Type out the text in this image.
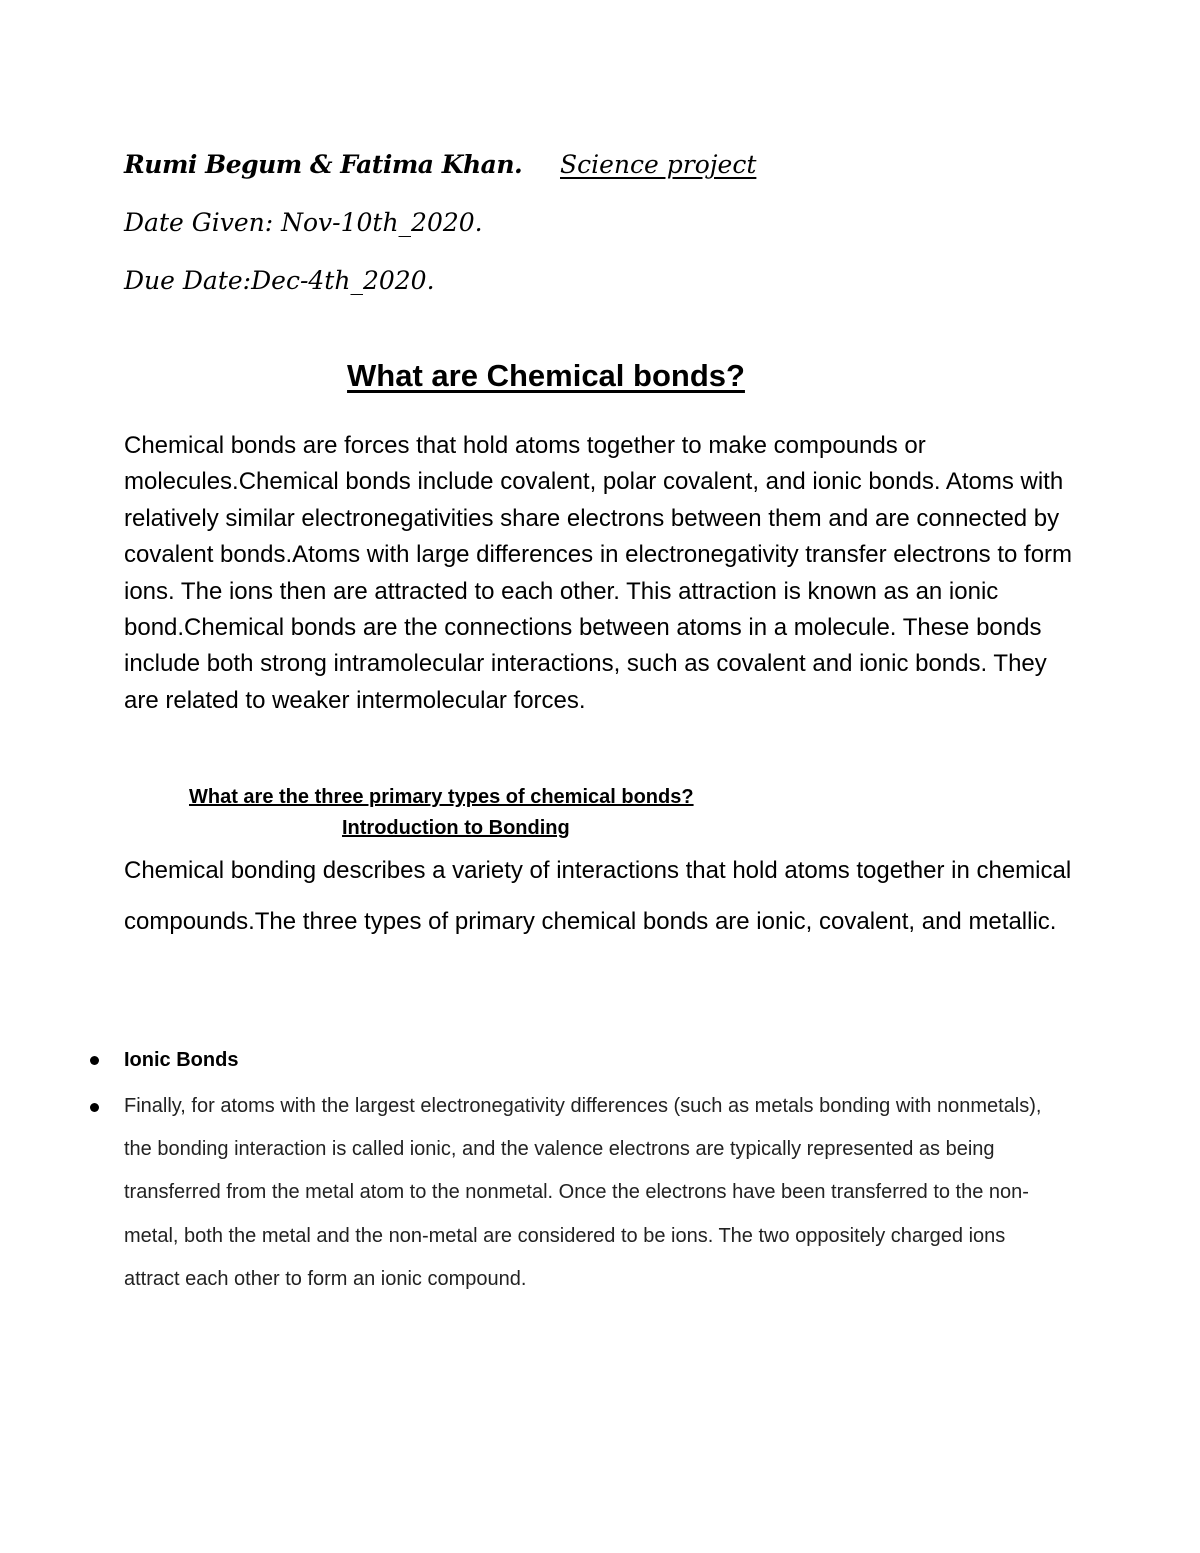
Rumi Begum & Fatima Khan. Science project
Date Given: Nov-10th_2020.
Due Date:Dec-4th_2020.
What are Chemical bonds?

Chemical bonds are forces that hold atoms together to make compounds or molecules.Chemical bonds include covalent, polar covalent, and ionic bonds. Atoms with relatively similar electronegativities share electrons between them and are connected by covalent bonds.Atoms with large differences in electronegativity transfer electrons to form ions. The ions then are attracted to each other. This attraction is known as an ionic bond.Chemical bonds are the connections between atoms in a molecule. These bonds include both strong intramolecular interactions, such as covalent and ionic bonds. They are related to weaker intermolecular forces.

What are the three primary types of chemical bonds?

Introduction to Bonding

Chemical bonding describes a variety of interactions that hold atoms together in chemical compounds.The three types of primary chemical bonds are ionic, covalent, and metallic.

Ionic Bonds
Finally, for atoms with the largest electronegativity differences (such as metals bonding with nonmetals), the bonding interaction is called ionic, and the valence electrons are typically represented as being transferred from the metal atom to the nonmetal. Once the electrons have been transferred to the non-metal, both the metal and the non-metal are considered to be ions. The two oppositely charged ions attract each other to form an ionic compound.
